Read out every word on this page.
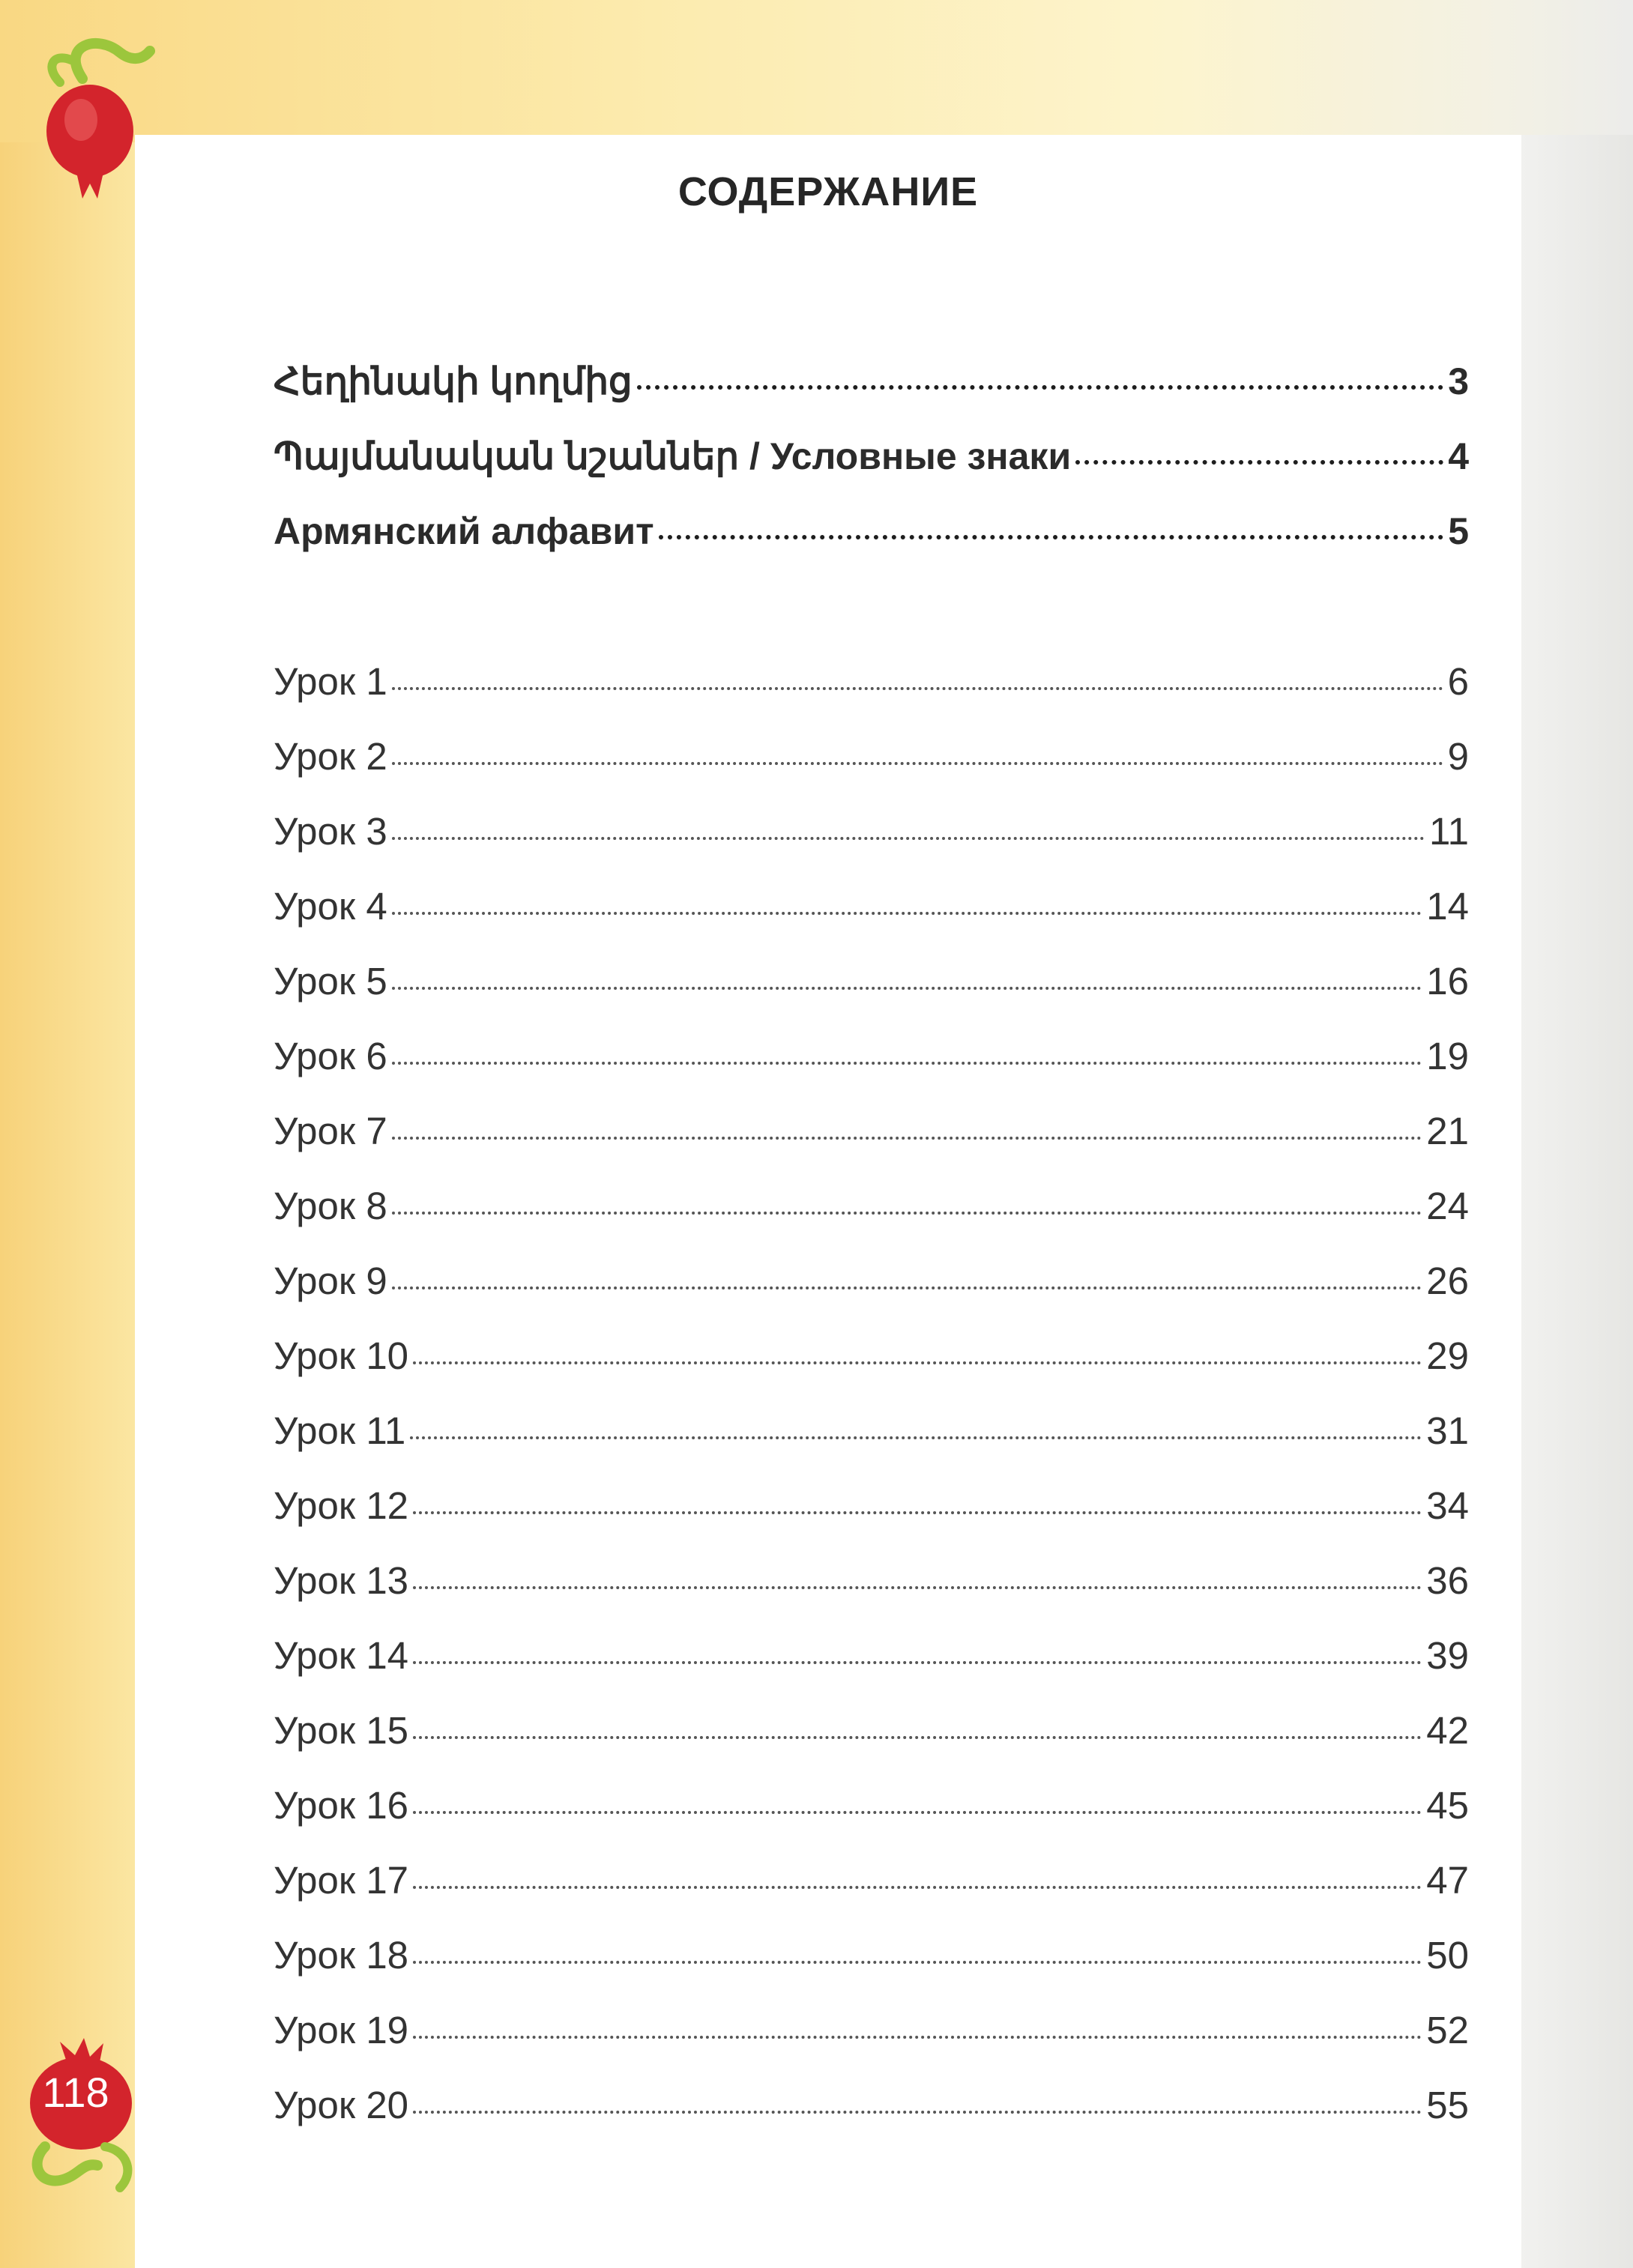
118
СОДЕРЖАНИЕ
Հեղինակի կողմից	3
Պայմանական նշաններ / Условные знаки	4
Армянский алфавит	5
Урок 1	6
Урок 2	9
Урок 3	11
Урок 4	14
Урок 5	16
Урок 6	19
Урок 7	21
Урок 8	24
Урок 9	26
Урок 10	29
Урок 11	31
Урок 12	34
Урок 13	36
Урок 14	39
Урок 15	42
Урок 16	45
Урок 17	47
Урок 18	50
Урок 19	52
Урок 20	55
